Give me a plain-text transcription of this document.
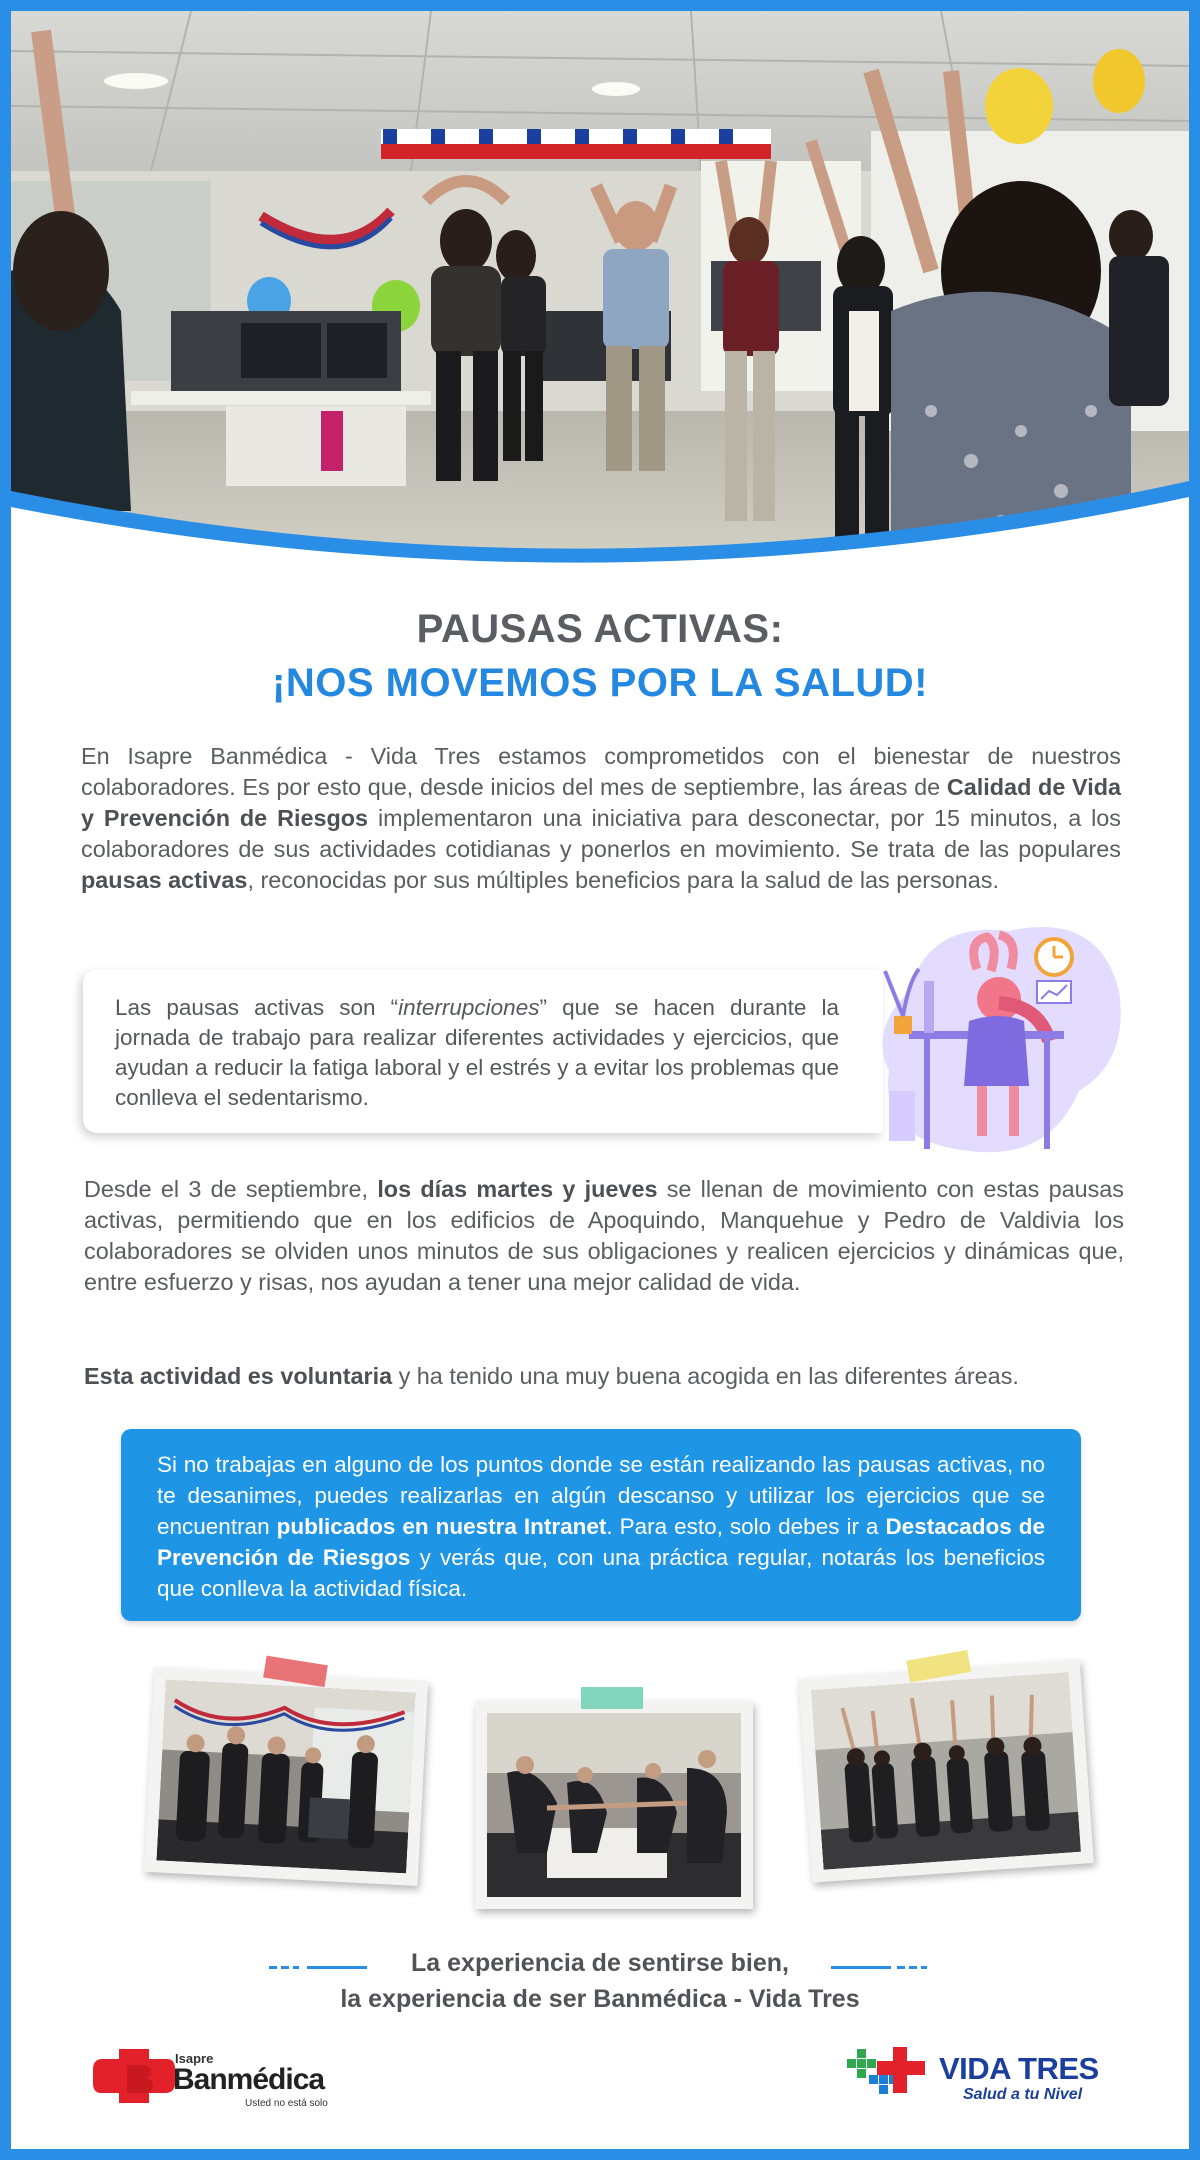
PAUSAS ACTIVAS:
¡NOS MOVEMOS POR LA SALUD!

En Isapre Banmédica - Vida Tres estamos comprometidos con el bienestar de nuestros colaboradores. Es por esto que, desde inicios del mes de septiembre, las áreas de Calidad de Vida y Prevención de Riesgos implementaron una iniciativa para desconectar, por 15 minutos, a los colaboradores de sus actividades cotidianas y ponerlos en movimiento. Se trata de las populares pausas activas, reconocidas por sus múltiples beneficios para la salud de las personas.

Las pausas activas son “interrupciones” que se hacen durante la jornada de trabajo para realizar diferentes actividades y ejercicios, que ayudan a reducir la fatiga laboral y el estrés y a evitar los problemas que conlleva el sedentarismo.

Desde el 3 de septiembre, los días martes y jueves se llenan de movimiento con estas pausas activas, permitiendo que en los edificios de Apoquindo, Manquehue y Pedro de Valdivia los colaboradores se olviden unos minutos de sus obligaciones y realicen ejercicios y dinámicas que, entre esfuerzo y risas, nos ayudan a tener una mejor calidad de vida.

Esta actividad es voluntaria y ha tenido una muy buena acogida en las diferentes áreas.

Si no trabajas en alguno de los puntos donde se están realizando las pausas activas, no te desanimes, puedes realizarlas en algún descanso y utilizar los ejercicios que se encuentran publicados en nuestra Intranet. Para esto, solo debes ir a Destacados de Prevención de Riesgos y verás que, con una práctica regular, notarás los beneficios que conlleva la actividad física.
La experiencia de sentirse bien,
la experiencia de ser Banmédica - Vida Tres
Isapre
Banmédica
Usted no está solo
VIDA TRES
Salud a tu Nivel
